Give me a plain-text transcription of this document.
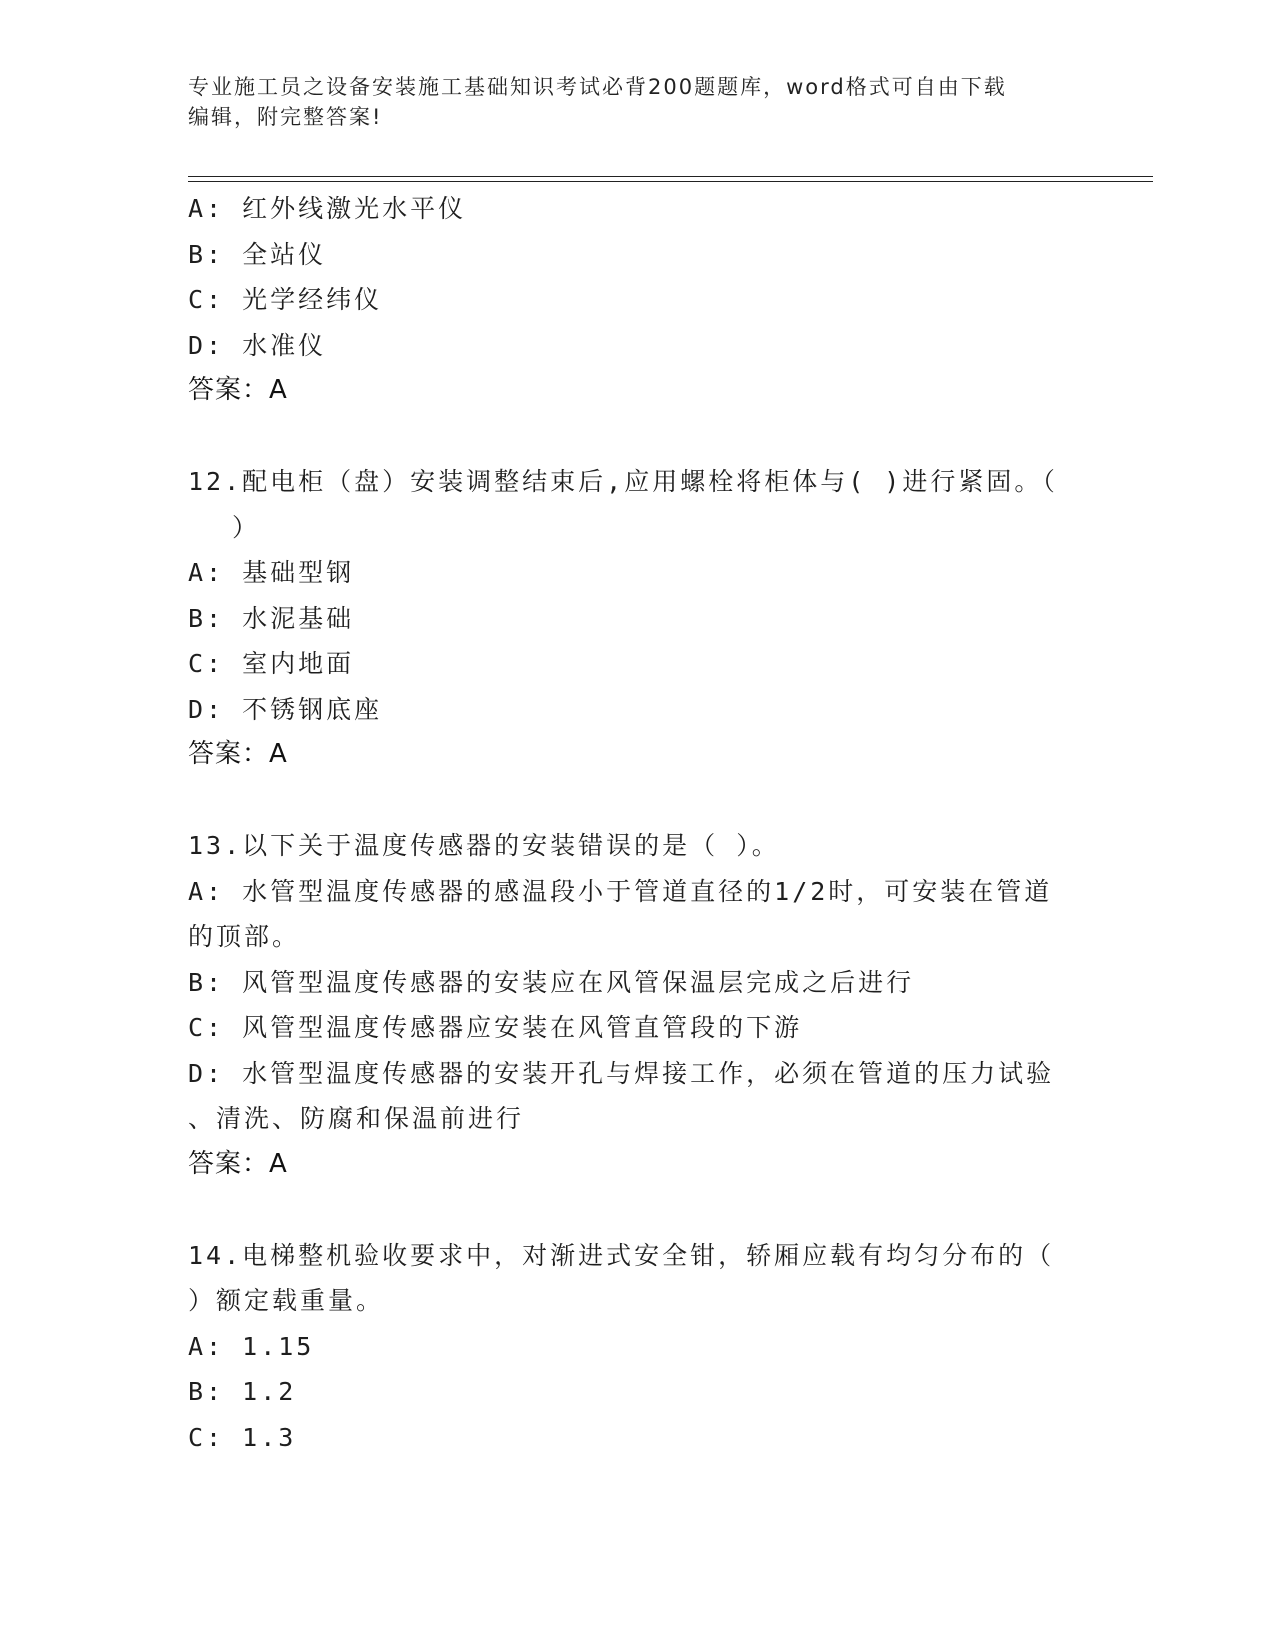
专业施工员之设备安装施工基础知识考试必背200题题库，word格式可自由下载
编辑，附完整答案!
A: 红外线激光水平仪
B: 全站仪
C: 光学经纬仪
D: 水准仪
答案：A
12.配电柜（盘）安装调整结束后,应用螺栓将柜体与( )进行紧固。（
）
A: 基础型钢
B: 水泥基础
C: 室内地面
D: 不锈钢底座
答案：A
13.以下关于温度传感器的安装错误的是（ ）。
A: 水管型温度传感器的感温段小于管道直径的1/2时，可安装在管道
的顶部。
B: 风管型温度传感器的安装应在风管保温层完成之后进行
C: 风管型温度传感器应安装在风管直管段的下游
D: 水管型温度传感器的安装开孔与焊接工作，必须在管道的压力试验
、清洗、防腐和保温前进行
答案：A
14.电梯整机验收要求中，对渐进式安全钳，轿厢应载有均匀分布的（
）额定载重量。
A: 1.15
B: 1.2
C: 1.3
